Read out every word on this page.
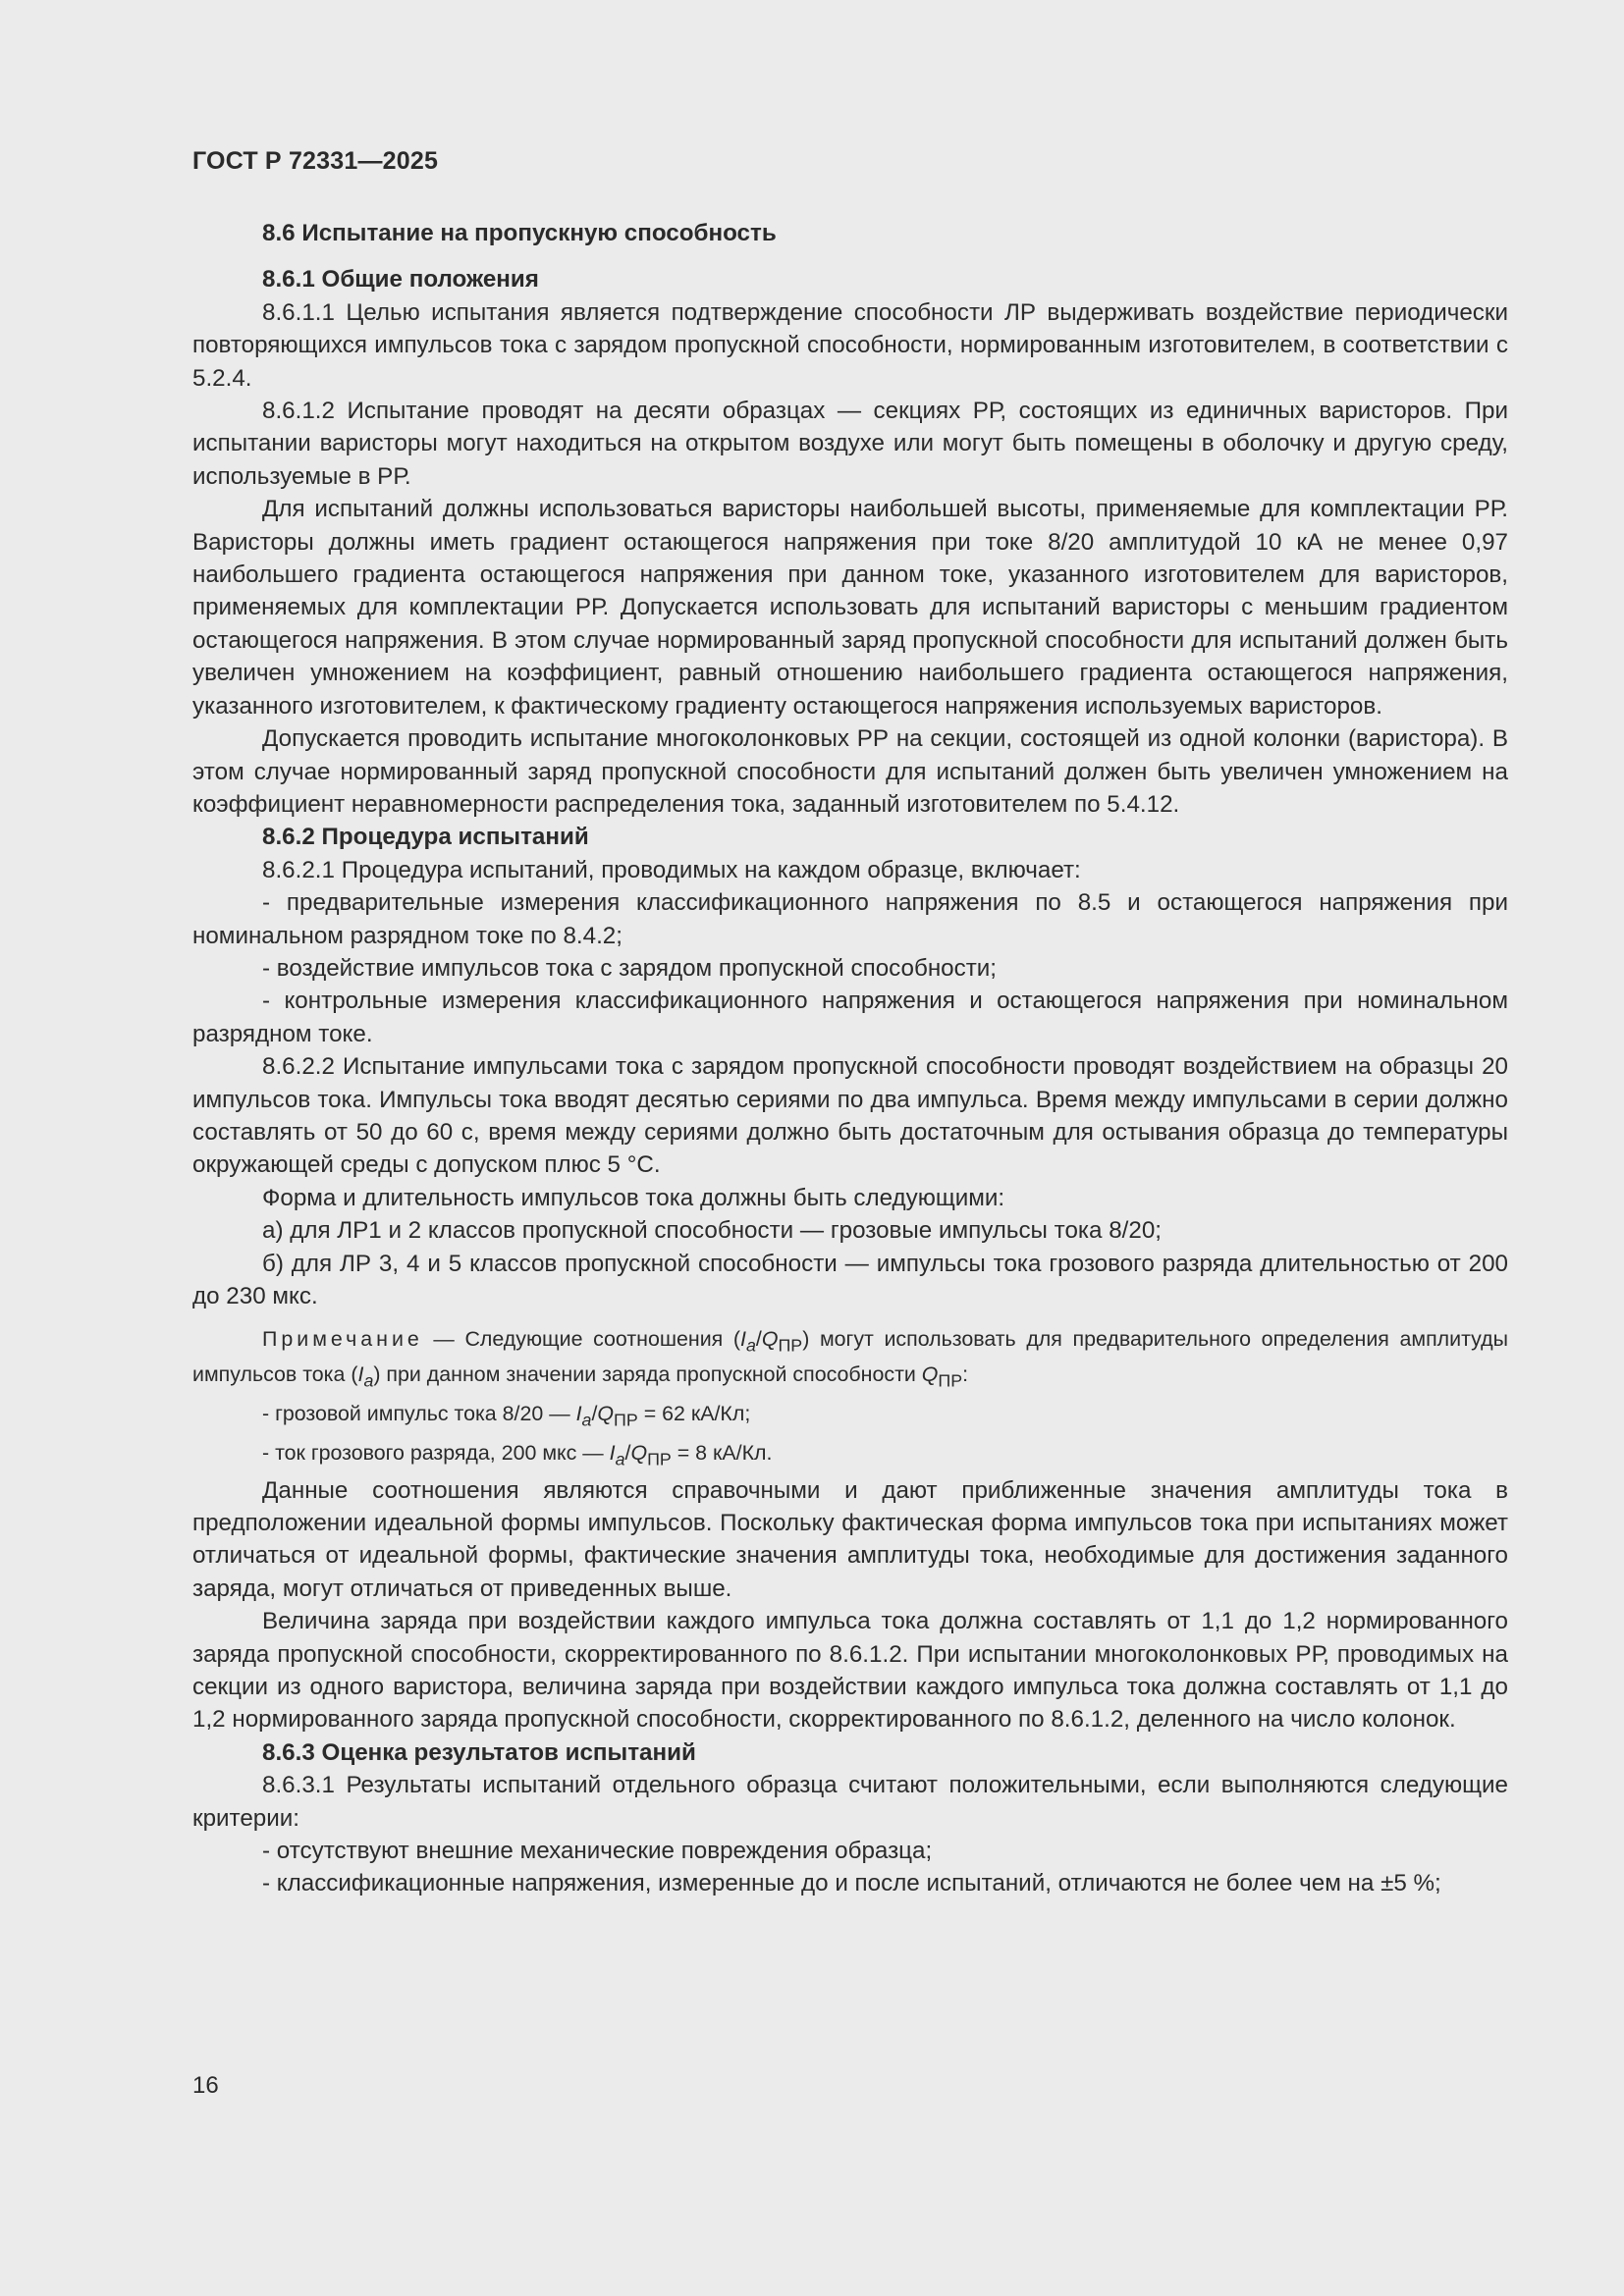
ГОСТ Р 72331—2025

8.6 Испытание на пропускную способность

8.6.1 Общие положения

8.6.1.1 Целью испытания является подтверждение способности ЛР выдерживать воздействие периодически повторяющихся импульсов тока с зарядом пропускной способности, нормированным изготовителем, в соответствии с 5.2.4.

8.6.1.2 Испытание проводят на десяти образцах — секциях РР, состоящих из единичных варисторов. При испытании варисторы могут находиться на открытом воздухе или могут быть помещены в оболочку и другую среду, используемые в РР.

Для испытаний должны использоваться варисторы наибольшей высоты, применяемые для комплектации РР. Варисторы должны иметь градиент остающегося напряжения при токе 8/20 амплитудой 10 кА не менее 0,97 наибольшего градиента остающегося напряжения при данном токе, указанного изготовителем для варисторов, применяемых для комплектации РР. Допускается использовать для испытаний варисторы с меньшим градиентом остающегося напряжения. В этом случае нормированный заряд пропускной способности для испытаний должен быть увеличен умножением на коэффициент, равный отношению наибольшего градиента остающегося напряжения, указанного изготовителем, к фактическому градиенту остающегося напряжения используемых варисторов.

Допускается проводить испытание многоколонковых РР на секции, состоящей из одной колонки (варистора). В этом случае нормированный заряд пропускной способности для испытаний должен быть увеличен умножением на коэффициент неравномерности распределения тока, заданный изготовителем по 5.4.12.

8.6.2 Процедура испытаний

8.6.2.1 Процедура испытаний, проводимых на каждом образце, включает:

- предварительные измерения классификационного напряжения по 8.5 и остающегося напряжения при номинальном разрядном токе по 8.4.2;

- воздействие импульсов тока с зарядом пропускной способности;

- контрольные измерения классификационного напряжения и остающегося напряжения при номинальном разрядном токе.

8.6.2.2 Испытание импульсами тока с зарядом пропускной способности проводят воздействием на образцы 20 импульсов тока. Импульсы тока вводят десятью сериями по два импульса. Время между импульсами в серии должно составлять от 50 до 60 с, время между сериями должно быть достаточным для остывания образца до температуры окружающей среды с допуском плюс 5 °С.

Форма и длительность импульсов тока должны быть следующими:

а) для ЛР1 и 2 классов пропускной способности — грозовые импульсы тока 8/20;

б) для ЛР 3, 4 и 5 классов пропускной способности — импульсы тока грозового разряда длительностью от 200 до 230 мкс.

Примечание — Следующие соотношения $(I_a/Q_{ПР})$ могут использовать для предварительного определения амплитуды импульсов тока $(I_a)$ при данном значении заряда пропускной способности $Q_{ПР}$:

- грозовой импульс тока 8/20 — $I_a/Q_{ПР} = 62$ кА/Кл;

- ток грозового разряда, 200 мкс — $I_a/Q_{ПР} = 8$ кА/Кл.

Данные соотношения являются справочными и дают приближенные значения амплитуды тока в предположении идеальной формы импульсов. Поскольку фактическая форма импульсов тока при испытаниях может отличаться от идеальной формы, фактические значения амплитуды тока, необходимые для достижения заданного заряда, могут отличаться от приведенных выше.

Величина заряда при воздействии каждого импульса тока должна составлять от 1,1 до 1,2 нормированного заряда пропускной способности, скорректированного по 8.6.1.2. При испытании многоколонковых РР, проводимых на секции из одного варистора, величина заряда при воздействии каждого импульса тока должна составлять от 1,1 до 1,2 нормированного заряда пропускной способности, скорректированного по 8.6.1.2, деленного на число колонок.

8.6.3 Оценка результатов испытаний

8.6.3.1 Результаты испытаний отдельного образца считают положительными, если выполняются следующие критерии:

- отсутствуют внешние механические повреждения образца;

- классификационные напряжения, измеренные до и после испытаний, отличаются не более чем на ±5 %;

16
